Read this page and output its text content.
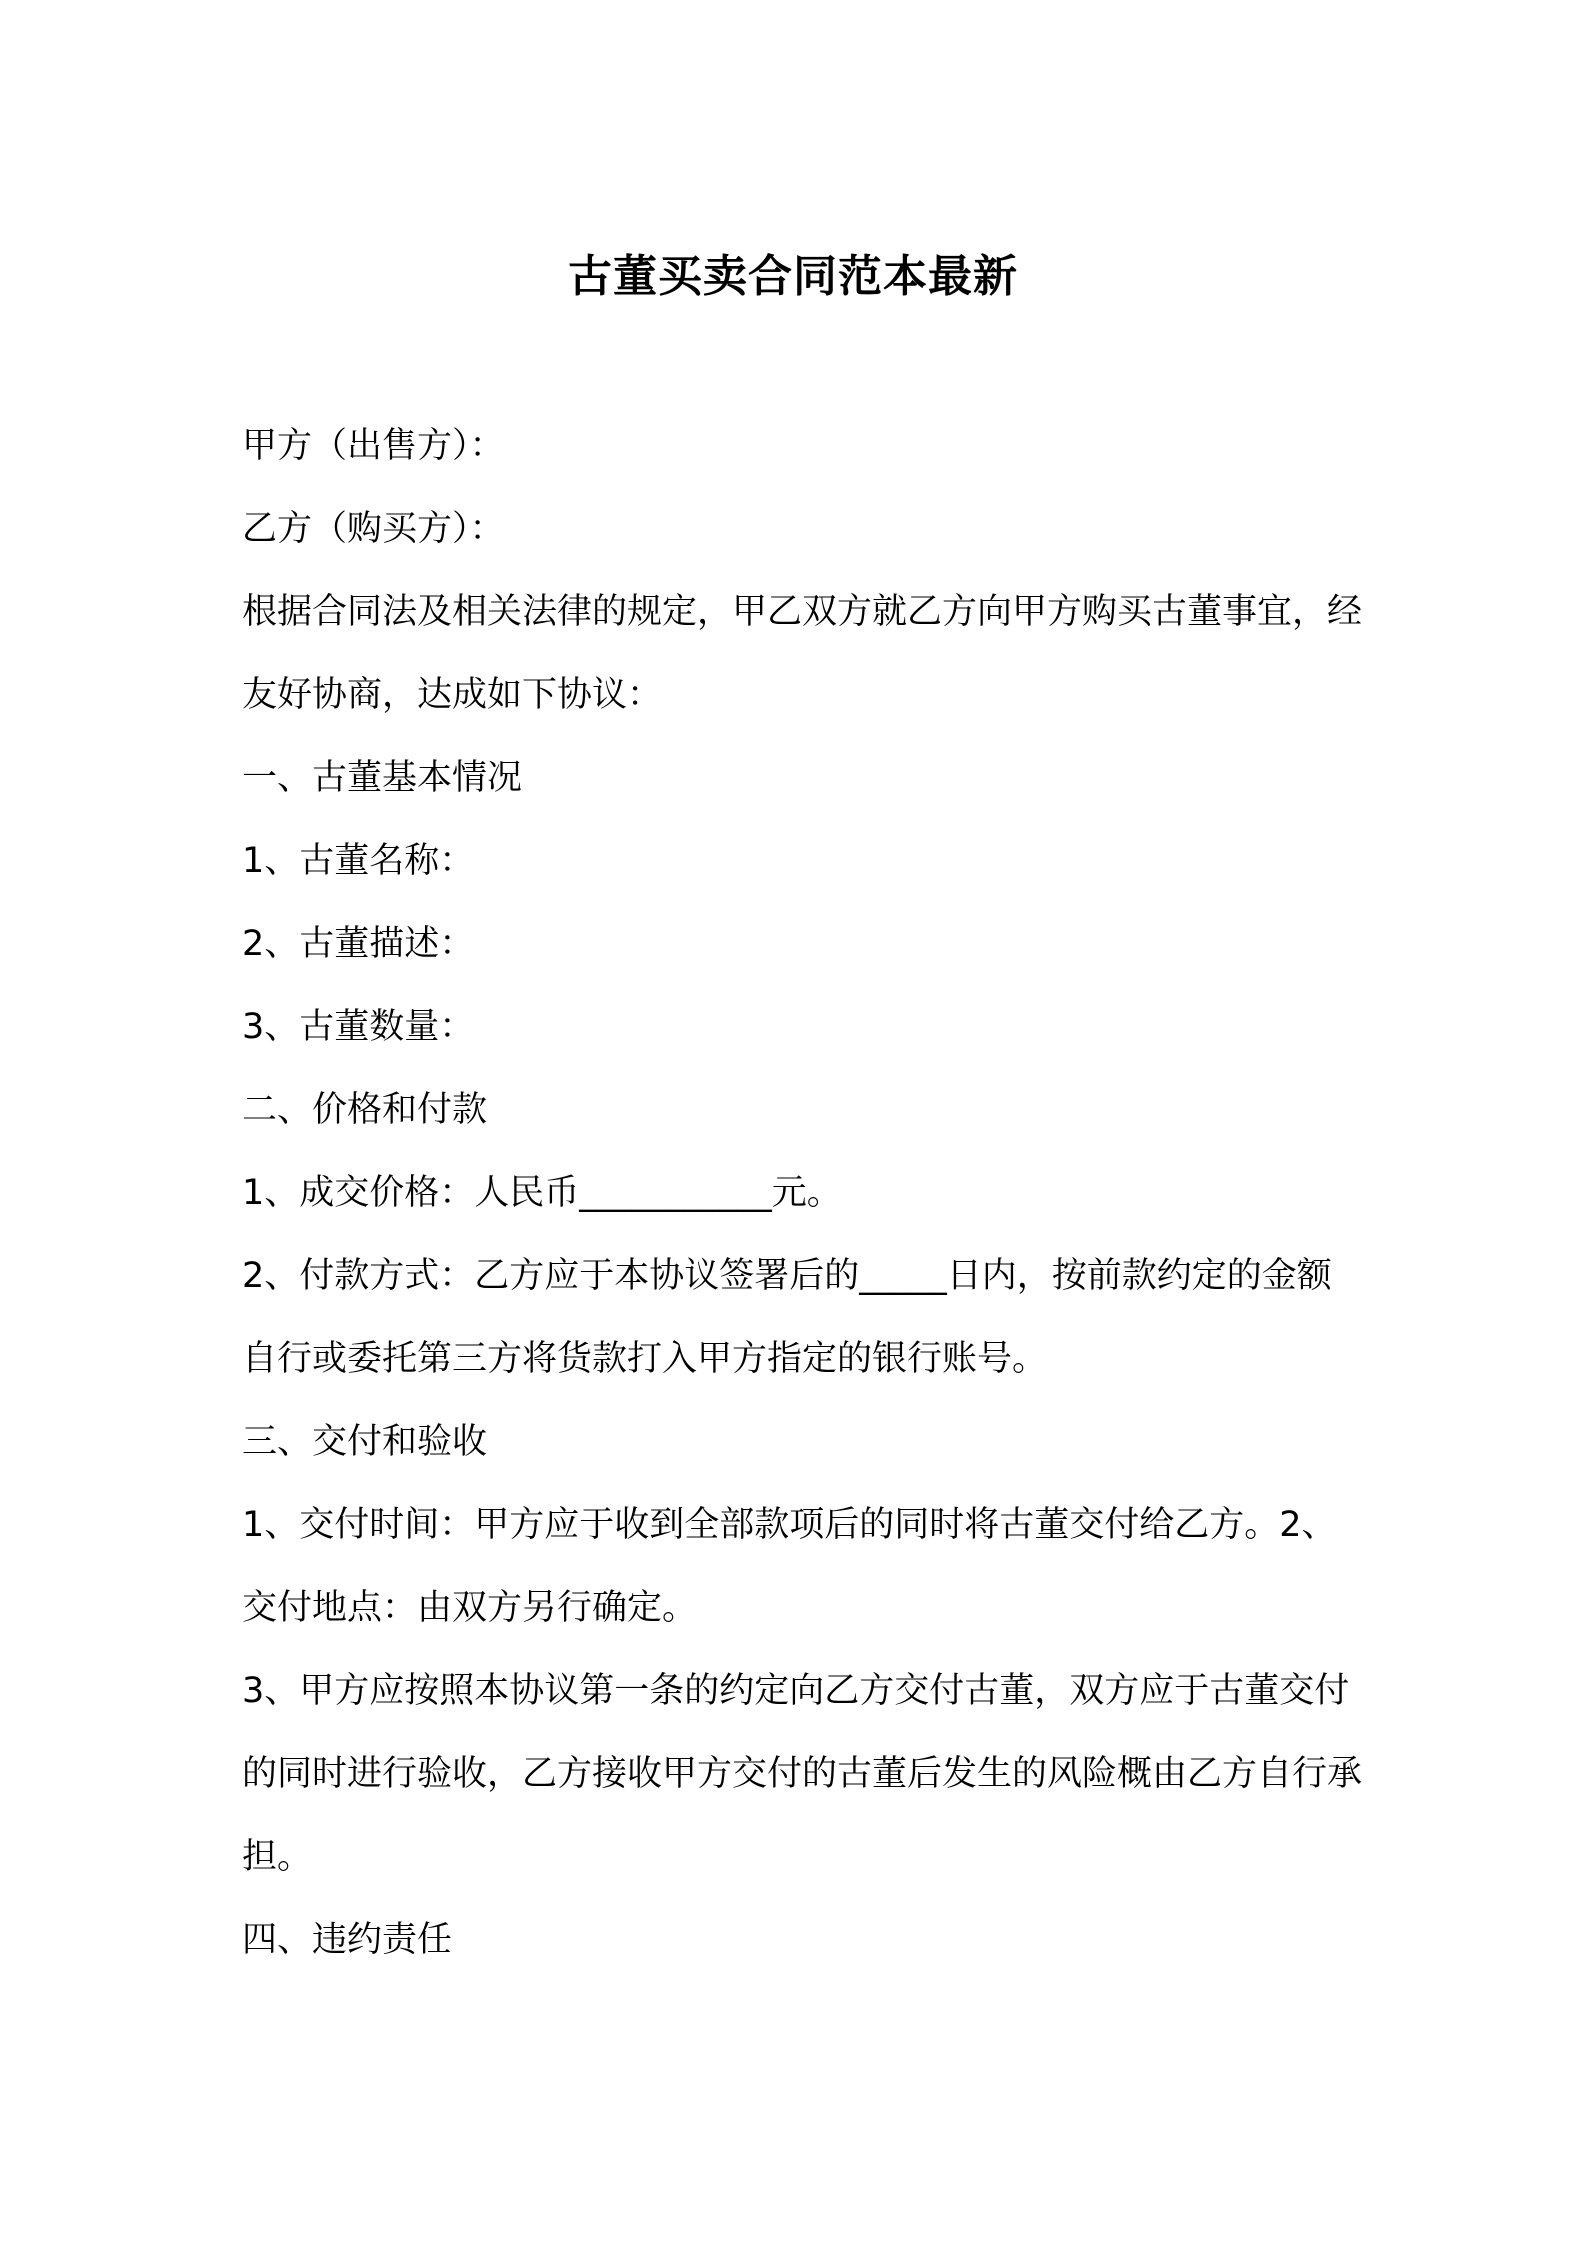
古董买卖合同范本最新

甲方（出售方）：

乙方（购买方）：

根据合同法及相关法律的规定，甲乙双方就乙方向甲方购买古董事宜，经友好协商，达成如下协议：

一、古董基本情况

1、古董名称：

2、古董描述：

3、古董数量：

二、价格和付款

1、成交价格：人民币___________元。

2、付款方式：乙方应于本协议签署后的_____日内，按前款约定的金额自行或委托第三方将货款打入甲方指定的银行账号。

三、交付和验收

1、交付时间：甲方应于收到全部款项后的同时将古董交付给乙方。2、交付地点：由双方另行确定。

3、甲方应按照本协议第一条的约定向乙方交付古董，双方应于古董交付的同时进行验收，乙方接收甲方交付的古董后发生的风险概由乙方自行承担。

四、违约责任
